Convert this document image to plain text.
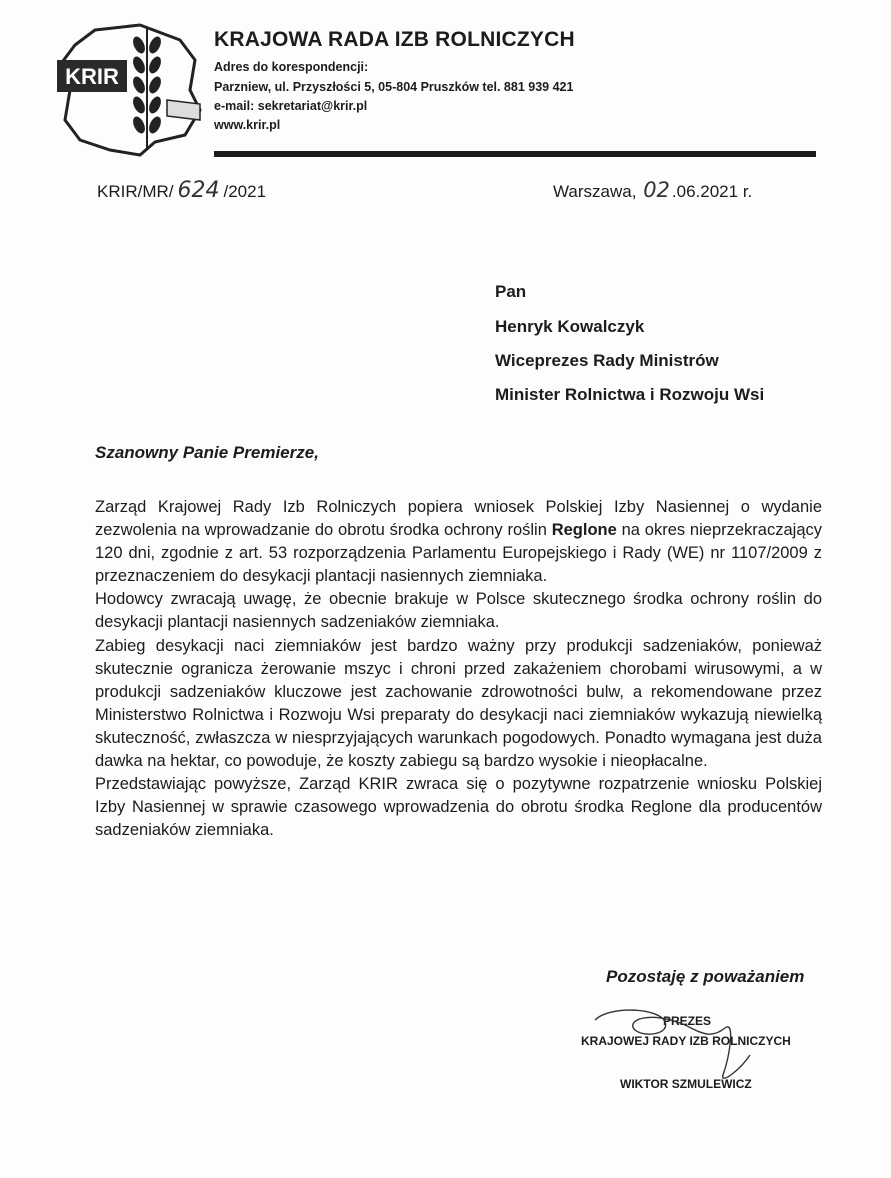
KRIR
KRAJOWA RADA IZB ROLNICZYCH
Adres do korespondencji:
Parzniew, ul. Przyszłości 5, 05-804 Pruszków tel. 881 939 421
e-mail: sekretariat@krir.pl
www.krir.pl
KRIR/MR/ 624 /2021	Warszawa, 02 .06.2021 r.
Pan
Henryk Kowalczyk
Wiceprezes Rady Ministrów
Minister Rolnictwa i Rozwoju Wsi
Szanowny Panie Premierze,

Zarząd Krajowej Rady Izb Rolniczych popiera wniosek Polskiej Izby Nasiennej o wydanie zezwolenia na wprowadzanie do obrotu środka ochrony roślin Reglone na okres nieprzekraczający 120 dni, zgodnie z art. 53 rozporządzenia Parlamentu Europejskiego i Rady (WE) nr 1107/2009 z przeznaczeniem do desykacji plantacji nasiennych ziemniaka.

Hodowcy zwracają uwagę, że obecnie brakuje w Polsce skutecznego środka ochrony roślin do desykacji plantacji nasiennych sadzeniaków ziemniaka.

Zabieg desykacji naci ziemniaków jest bardzo ważny przy produkcji sadzeniaków, ponieważ skutecznie ogranicza żerowanie mszyc i chroni przed zakażeniem chorobami wirusowymi, a w produkcji sadzeniaków kluczowe jest zachowanie zdrowotności bulw, a rekomendowane przez Ministerstwo Rolnictwa i Rozwoju Wsi preparaty do desykacji naci ziemniaków wykazują niewielką skuteczność, zwłaszcza w niesprzyjających warunkach pogodowych. Ponadto wymagana jest duża dawka na hektar, co powoduje, że koszty zabiegu są bardzo wysokie i nieopłacalne.

Przedstawiając powyższe, Zarząd KRIR zwraca się o pozytywne rozpatrzenie wniosku Polskiej Izby Nasiennej w sprawie czasowego wprowadzenia do obrotu środka Reglone dla producentów sadzeniaków ziemniaka.

Pozostaję z poważaniem
PREZES
KRAJOWEJ RADY IZB ROLNICZYCH
WIKTOR SZMULEWICZ
